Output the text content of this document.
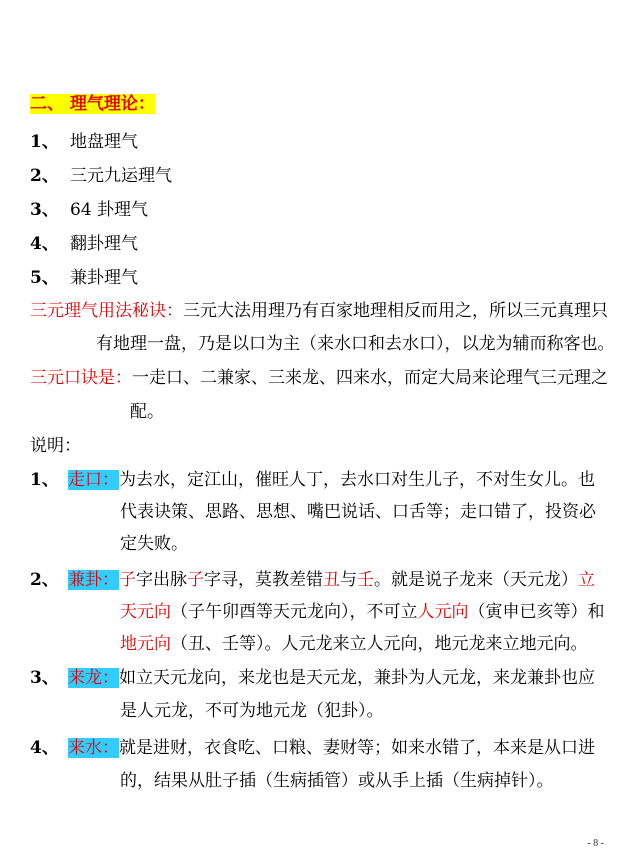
二、 理气理论：
1、 地盘理气
2、 三元九运理气
3、 64 卦理气
4、 翻卦理气
5、 兼卦理气
三元理气用法秘诀：三元大法用理乃有百家地理相反而用之，所以三元真理只
有地理一盘，乃是以口为主（来水口和去水口），以龙为辅而称客也。
三元口诀是：一走口、二兼家、三来龙、四来水，而定大局来论理气三元理之
配。
说明：
1、 走口：为去水，定江山，催旺人丁，去水口对生儿子，不对生女儿。也
代表诀策、思路、思想、嘴巴说话、口舌等；走口错了，投资必
定失败。
2、 兼卦：子字出脉子字寻，莫教差错丑与壬。就是说子龙来（天元龙）立
天元向（子午卯酉等天元龙向），不可立人元向（寅申已亥等）和
地元向（丑、壬等）。人元龙来立人元向，地元龙来立地元向。
3、 来龙：如立天元龙向，来龙也是天元龙，兼卦为人元龙，来龙兼卦也应
是人元龙，不可为地元龙（犯卦）。
4、 来水：就是进财，衣食吃、口粮、妻财等；如来水错了，本来是从口进
的，结果从肚子插（生病插管）或从手上插（生病掉针）。
- 8 -
